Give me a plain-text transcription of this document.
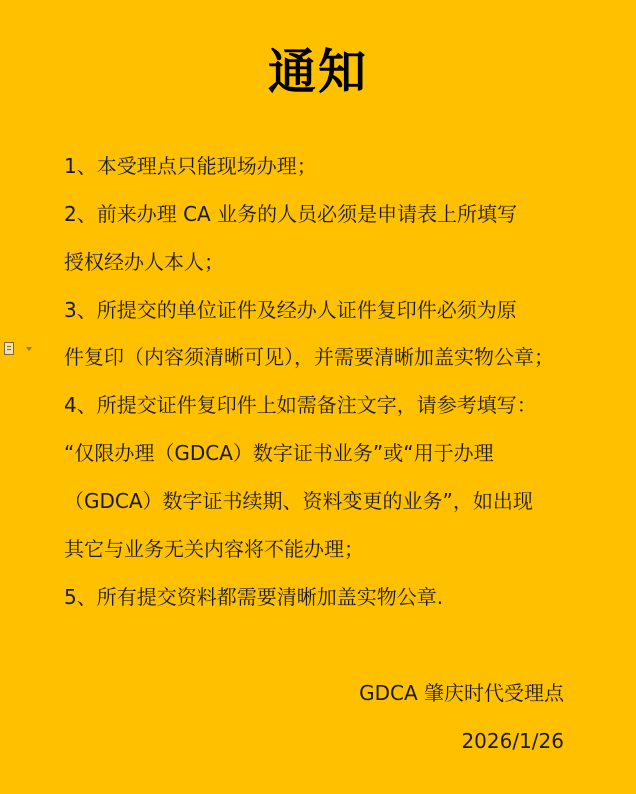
通知
1、本受理点只能现场办理；
2、前来办理 CA 业务的人员必须是申请表上所填写
授权经办人本人；
3、所提交的单位证件及经办人证件复印件必须为原
件复印（内容须清晰可见），并需要清晰加盖实物公章；
4、所提交证件复印件上如需备注文字，请参考填写：
“仅限办理（GDCA）数字证书业务”或“用于办理
（GDCA）数字证书续期、资料变更的业务”，如出现
其它与业务无关内容将不能办理；
5、所有提交资料都需要清晰加盖实物公章.
GDCA 肇庆时代受理点
2026/1/26
